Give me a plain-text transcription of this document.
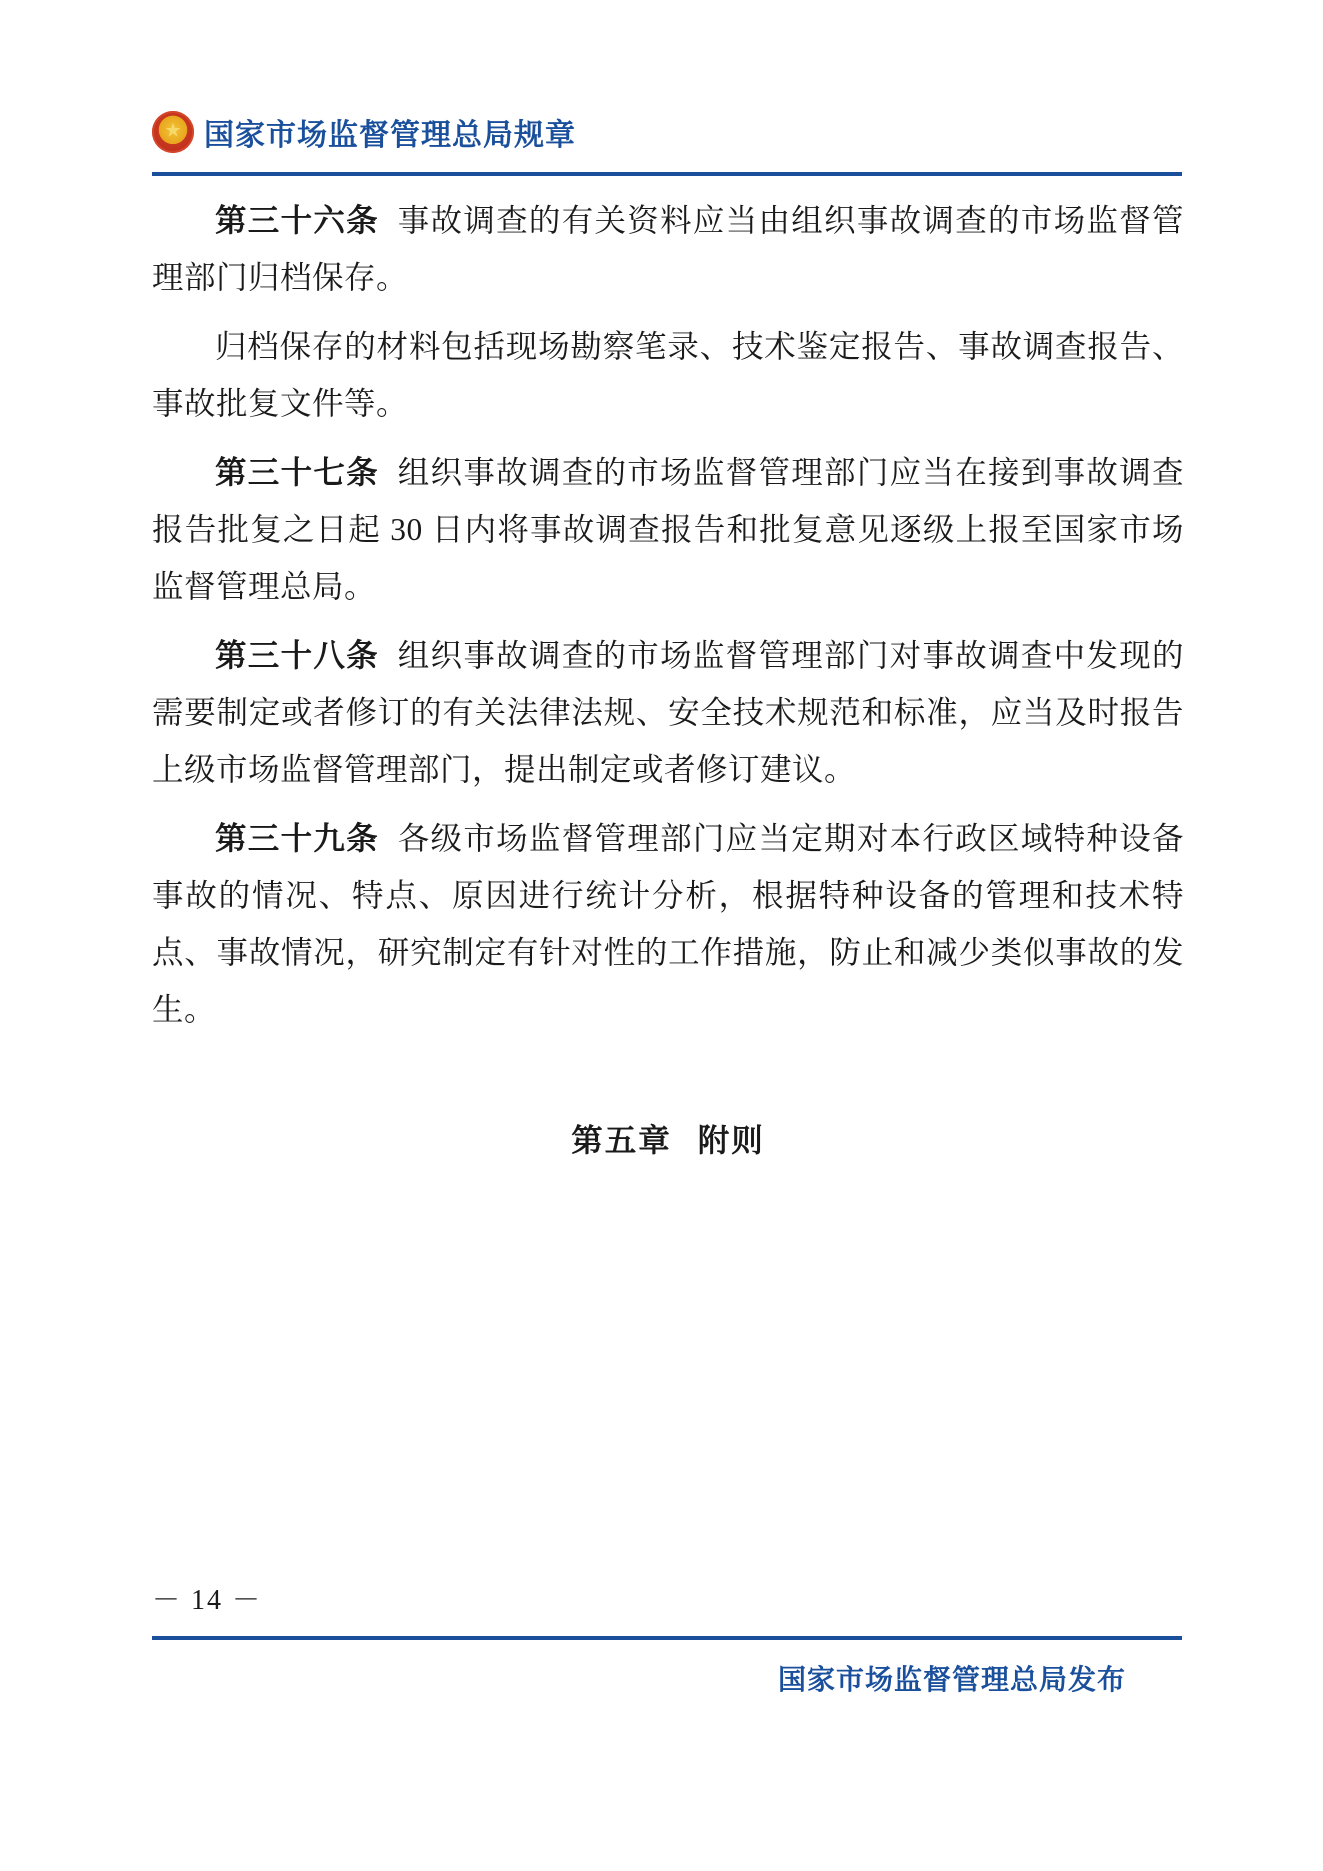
★
国家市场监督管理总局规章

第三十六条 事故调查的有关资料应当由组织事故调查的市场监督管理部门归档保存。

归档保存的材料包括现场勘察笔录、技术鉴定报告、事故调查报告、事故批复文件等。

第三十七条 组织事故调查的市场监督管理部门应当在接到事故调查报告批复之日起 30 日内将事故调查报告和批复意见逐级上报至国家市场监督管理总局。

第三十八条 组织事故调查的市场监督管理部门对事故调查中发现的需要制定或者修订的有关法律法规、安全技术规范和标准，应当及时报告上级市场监督管理部门，提出制定或者修订建议。

第三十九条 各级市场监督管理部门应当定期对本行政区域特种设备事故的情况、特点、原因进行统计分析，根据特种设备的管理和技术特点、事故情况，研究制定有针对性的工作措施，防止和减少类似事故的发生。

第五章 附则
－ 14 －
国家市场监督管理总局发布
